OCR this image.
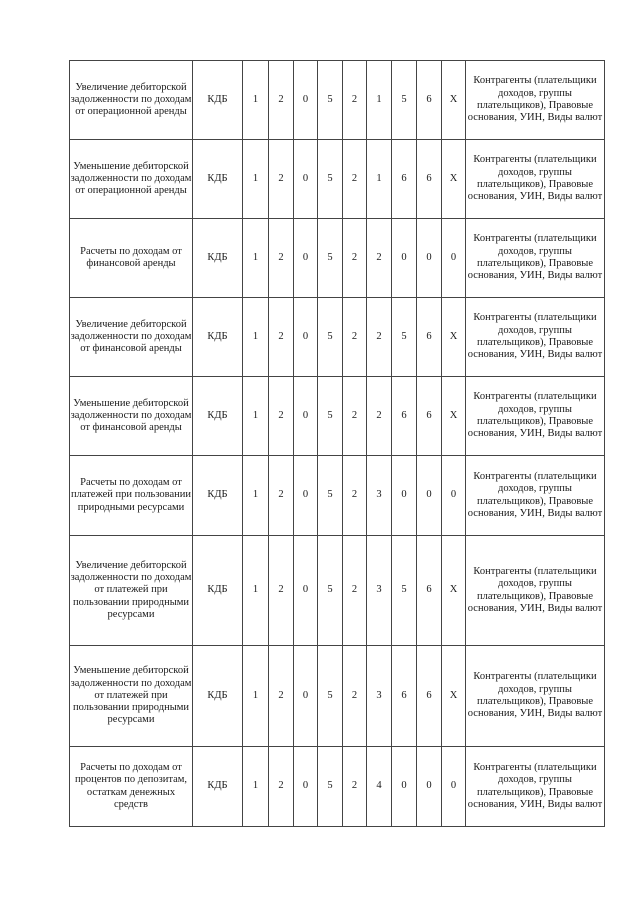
Увеличение дебиторской задолженности по доходам от операционной аренды	КДБ	1	2	0	5	2	1	5	6	Х	Контрагенты (плательщики доходов, группы плательщиков), Правовые основания, УИН, Виды валют
Уменьшение дебиторской задолженности по доходам от операционной аренды	КДБ	1	2	0	5	2	1	6	6	Х	Контрагенты (плательщики доходов, группы плательщиков), Правовые основания, УИН, Виды валют
Расчеты по доходам от финансовой аренды	КДБ	1	2	0	5	2	2	0	0	0	Контрагенты (плательщики доходов, группы плательщиков), Правовые основания, УИН, Виды валют
Увеличение дебиторской задолженности по доходам от финансовой аренды	КДБ	1	2	0	5	2	2	5	6	Х	Контрагенты (плательщики доходов, группы плательщиков), Правовые основания, УИН, Виды валют
Уменьшение дебиторской задолженности по доходам от финансовой аренды	КДБ	1	2	0	5	2	2	6	6	Х	Контрагенты (плательщики доходов, группы плательщиков), Правовые основания, УИН, Виды валют
Расчеты по доходам от платежей при пользовании природными ресурсами	КДБ	1	2	0	5	2	3	0	0	0	Контрагенты (плательщики доходов, группы плательщиков), Правовые основания, УИН, Виды валют
Увеличение дебиторской задолженности по доходам от платежей при пользовании природными ресурсами	КДБ	1	2	0	5	2	3	5	6	Х	Контрагенты (плательщики доходов, группы плательщиков), Правовые основания, УИН, Виды валют
Уменьшение дебиторской задолженности по доходам от платежей при пользовании природными ресурсами	КДБ	1	2	0	5	2	3	6	6	Х	Контрагенты (плательщики доходов, группы плательщиков), Правовые основания, УИН, Виды валют
Расчеты по доходам от процентов по депозитам, остаткам денежных средств	КДБ	1	2	0	5	2	4	0	0	0	Контрагенты (плательщики доходов, группы плательщиков), Правовые основания, УИН, Виды валют
